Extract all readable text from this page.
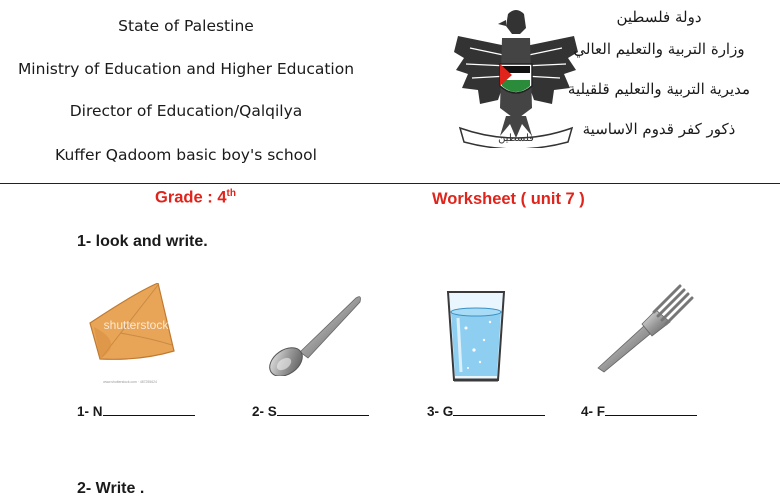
State of Palestine
Ministry of Education and Higher Education
Director of Education/Qalqilya
Kuffer Qadoom basic boy's school
فلسطين
دولة فلسطين
وزارة التربية والتعليم العالي
مديرية التربية والتعليم قلقيلية
ذكور كفر قدوم الاساسية
Grade : 4th	Worksheet ( unit 7 )
1- look and write.
shutterstock
www.shutterstock.com · 487255624
1- N	2- S	3- G	4- F
2- Write .
